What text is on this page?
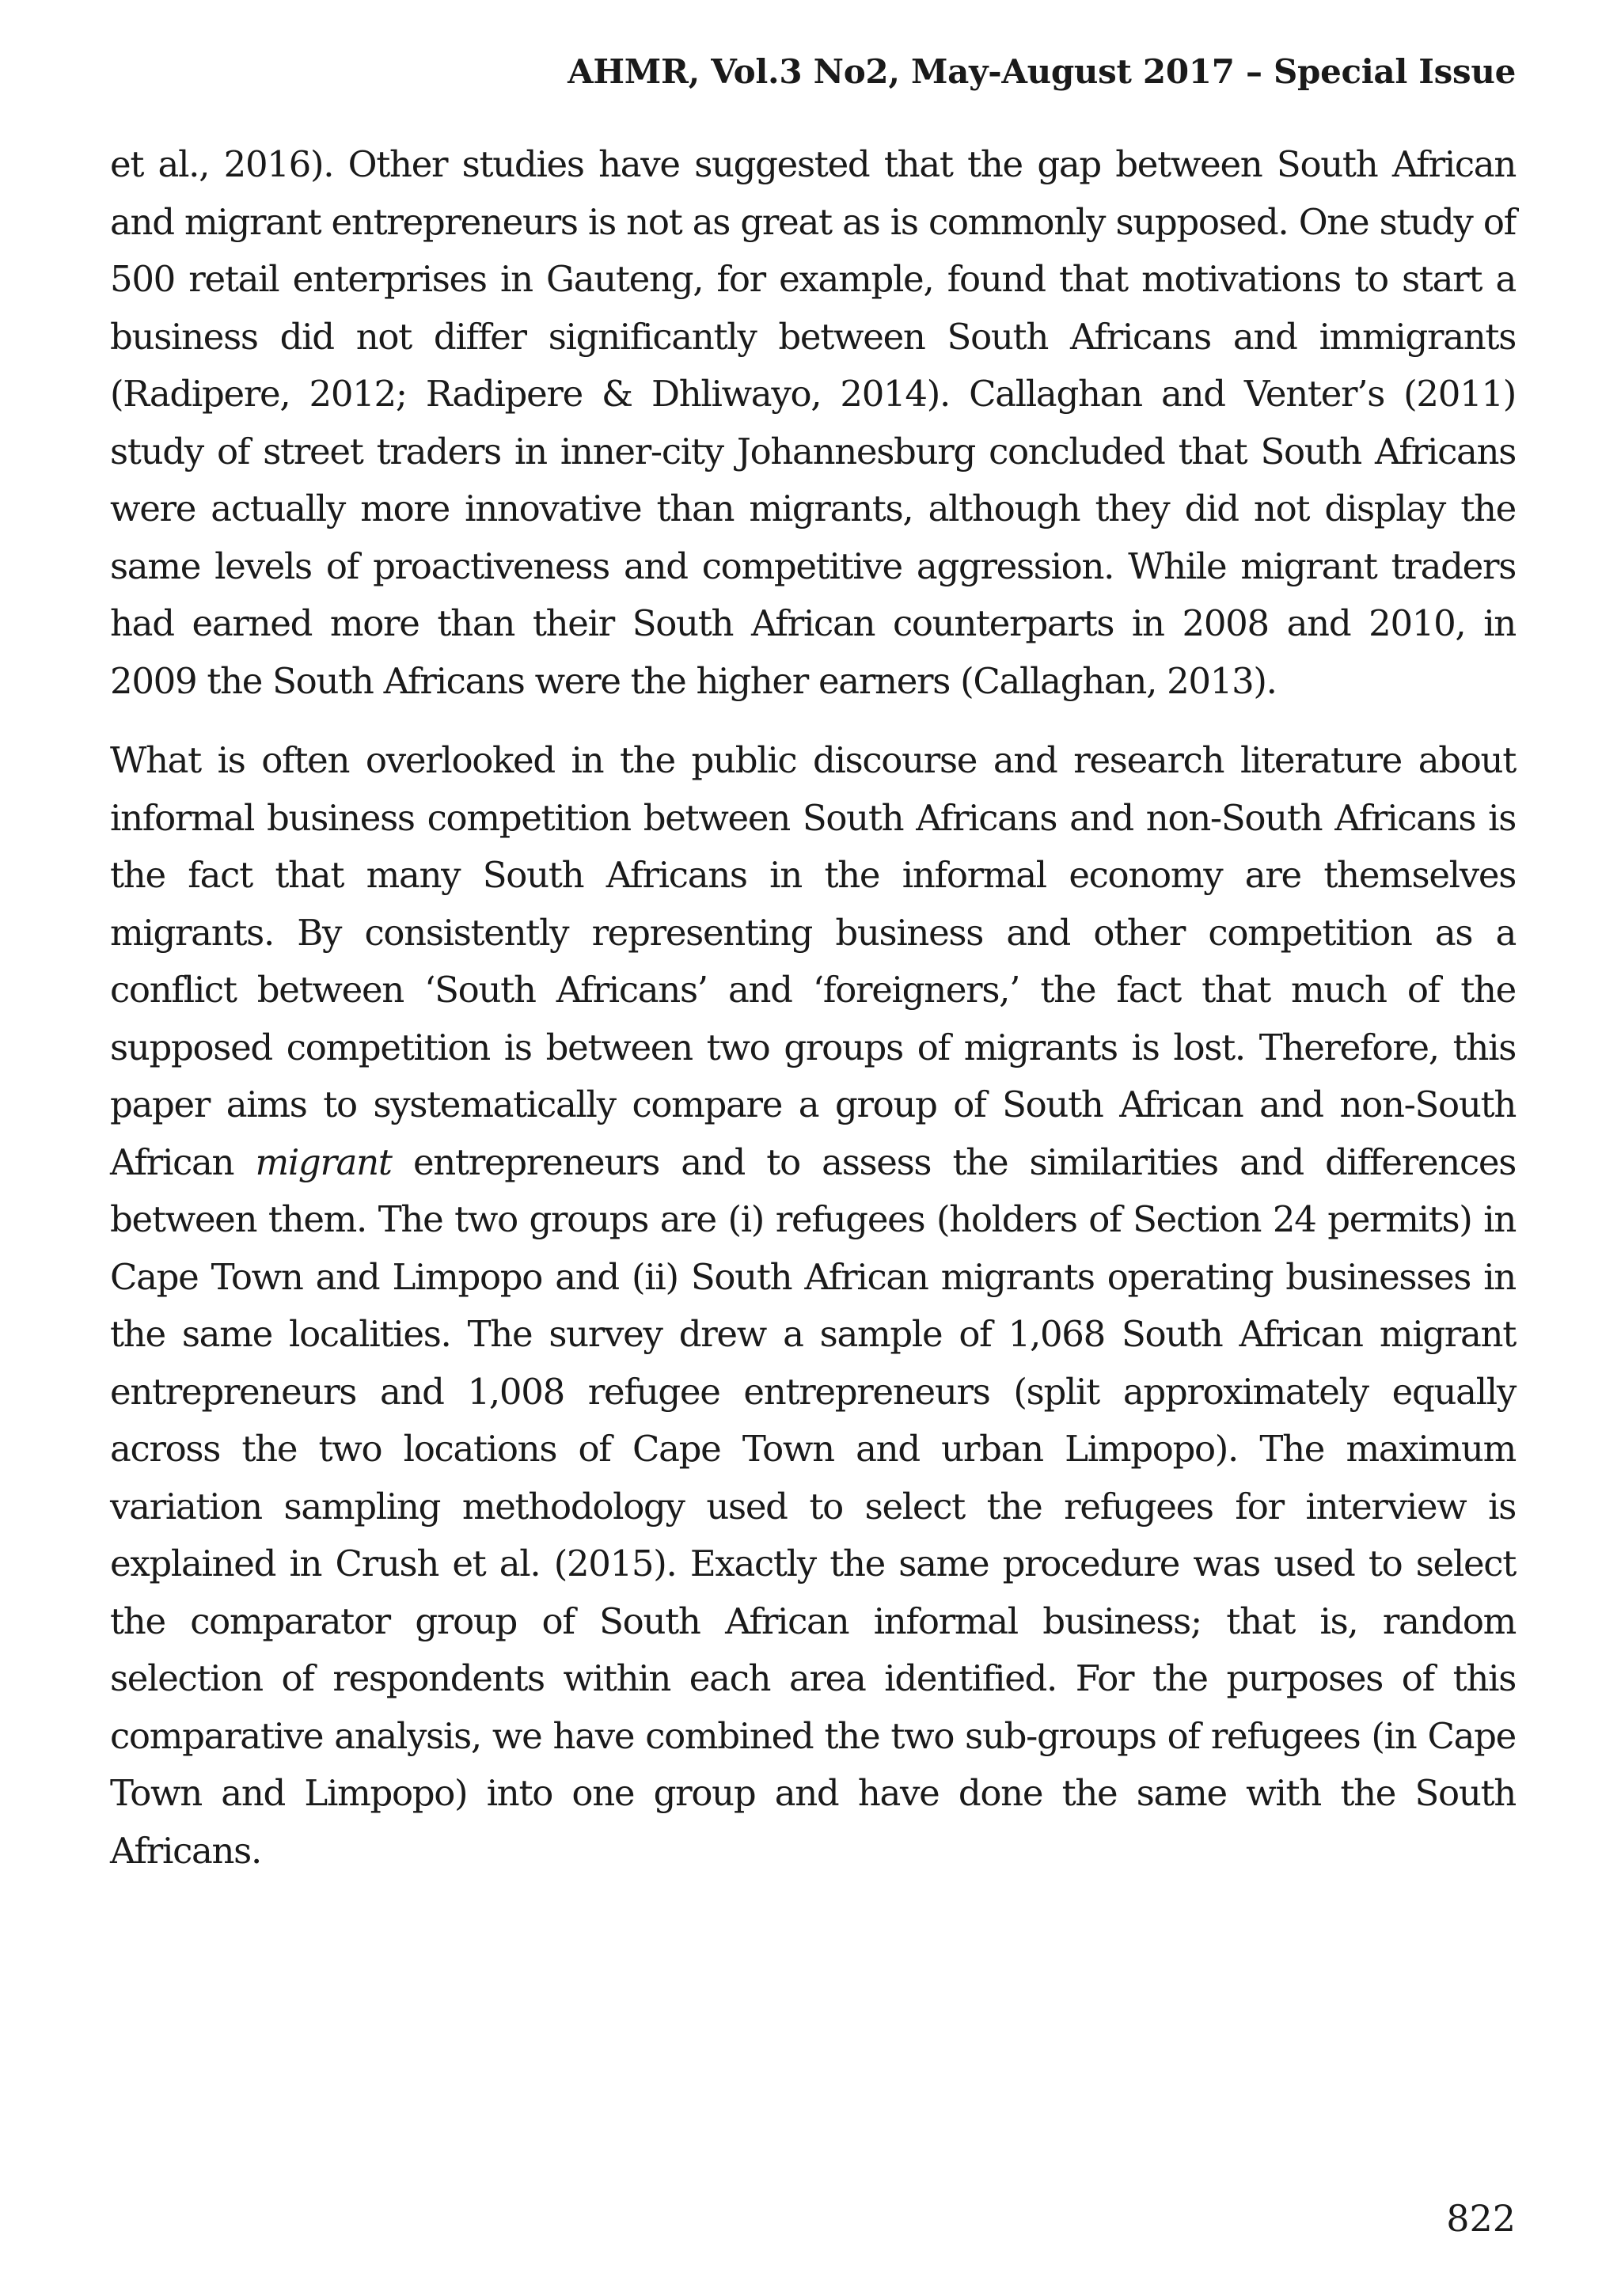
AHMR, Vol.3 No2, May-August 2017 – Special Issue

et al., 2016). Other studies have suggested that the gap between South African and migrant entrepreneurs is not as great as is commonly supposed. One study of 500 retail enterprises in Gauteng, for example, found that motivations to start a business did not differ significantly between South Africans and immigrants (Radipere, 2012; Radipere & Dhliwayo, 2014). Callaghan and Venter’s (2011) study of street traders in inner-city Johannesburg concluded that South Africans were actually more innovative than migrants, although they did not display the same levels of proactiveness and competitive aggression. While migrant traders had earned more than their South African counterparts in 2008 and 2010, in 2009 the South Africans were the higher earners (Callaghan, 2013).

What is often overlooked in the public discourse and research literature about informal business competition between South Africans and non-South Africans is the fact that many South Africans in the informal economy are themselves migrants. By consistently representing business and other competition as a conflict between ‘South Africans’ and ‘foreigners,’ the fact that much of the supposed competition is between two groups of migrants is lost. Therefore, this paper aims to systematically compare a group of South African and non-South African migrant entrepreneurs and to assess the similarities and differences between them. The two groups are (i) refugees (holders of Section 24 permits) in Cape Town and Limpopo and (ii) South African migrants operating businesses in the same localities. The survey drew a sample of 1,068 South African migrant entrepreneurs and 1,008 refugee entrepreneurs (split approximately equally across the two locations of Cape Town and urban Limpopo). The maximum variation sampling methodology used to select the refugees for interview is explained in Crush et al. (2015). Exactly the same procedure was used to select the comparator group of South African informal business; that is, random selection of respondents within each area identified. For the purposes of this comparative analysis, we have combined the two sub-groups of refugees (in Cape Town and Limpopo) into one group and have done the same with the South Africans.

822
